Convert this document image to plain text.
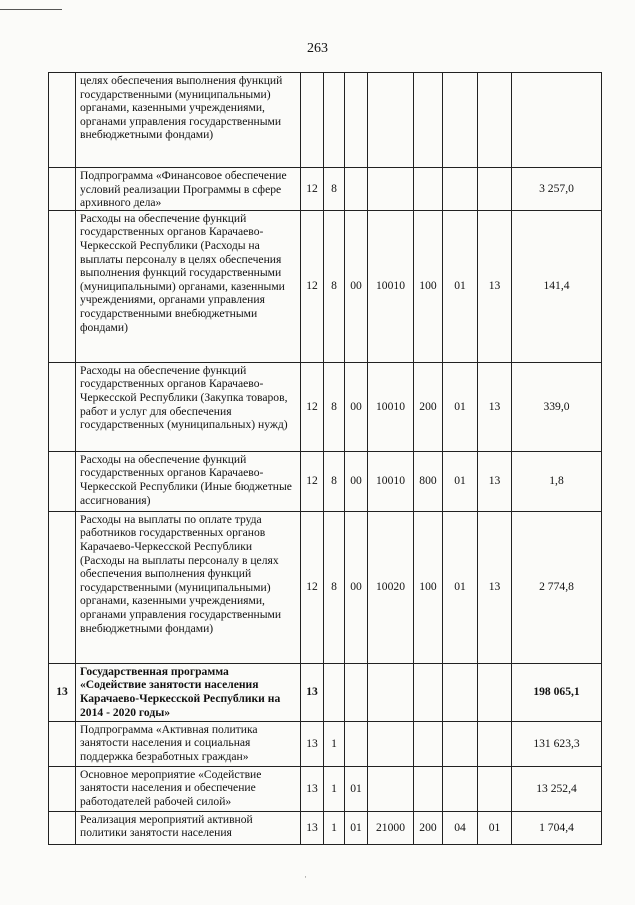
263
	целях обеспечения выполнения функций государственными (муниципальными) органами, казенными учреждениями, органами управления государственными внебюджетными фондами)								
	Подпрограмма «Финансовое обеспечение условий реализации Программы в сфере архивного дела»	12	8						3 257,0
	Расходы на обеспечение функций государственных органов Карачаево-Черкесской Республики (Расходы на выплаты персоналу в целях обеспечения выполнения функций государственными (муниципальными) органами, казенными учреждениями, органами управления государственными внебюджетными фондами)	12	8	00	10010	100	01	13	141,4
	Расходы на обеспечение функций государственных органов Карачаево-Черкесской Республики (Закупка товаров, работ и услуг для обеспечения государственных (муниципальных) нужд)	12	8	00	10010	200	01	13	339,0
	Расходы на обеспечение функций государственных органов Карачаево-Черкесской Республики (Иные бюджетные ассигнования)	12	8	00	10010	800	01	13	1,8
	Расходы на выплаты по оплате труда работников государственных органов Карачаево-Черкесской Республики (Расходы на выплаты персоналу в целях обеспечения выполнения функций государственными (муниципальными) органами, казенными учреждениями, органами управления государственными внебюджетными фондами)	12	8	00	10020	100	01	13	2 774,8
13	Государственная программа «Содействие занятости населения Карачаево-Черкесской Республики на 2014 - 2020 годы»	13							198 065,1
	Подпрограмма «Активная политика занятости населения и социальная поддержка безработных граждан»	13	1						131 623,3
	Основное мероприятие «Содействие занятости населения и обеспечение работодателей рабочей силой»	13	1	01					13 252,4
	Реализация мероприятий активной политики занятости населения	13	1	01	21000	200	04	01	1 704,4
·
